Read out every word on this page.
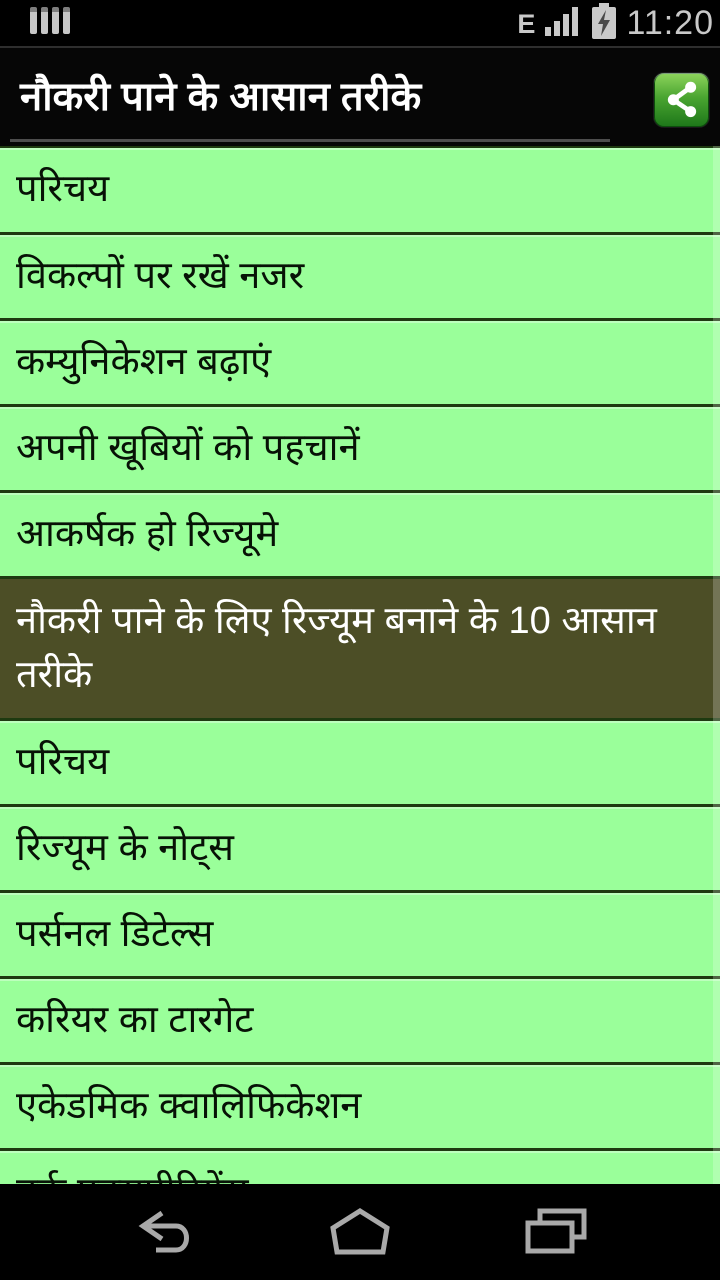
E	11:20
नौकरी पाने के आसान तरीके
परिचय
विकल्पों पर रखें नजर
कम्युनिकेशन बढ़ाएं
अपनी खूबियों को पहचानें
आकर्षक हो रिज्यूमे
नौकरी पाने के लिए रिज्यूम बनाने के 10 आसान तरीके
परिचय
रिज्यूम के नोट्स
पर्सनल डिटेल्स
करियर का टारगेट
एकेडमिक क्वालिफिकेशन
